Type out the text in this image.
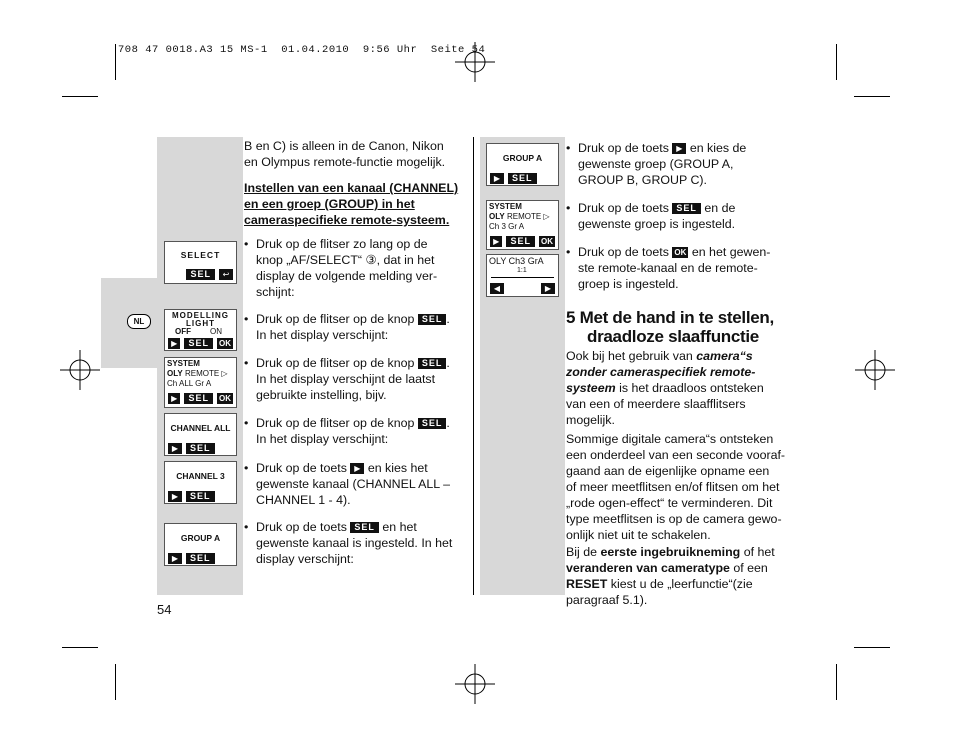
708 47 0018.A3 15 MS-1  01.04.2010  9:56 Uhr  Seite 54
NL
54
SELECT
SEL	↩
MODELLING
LIGHT
OFF ON
▶	SEL	OK
SYSTEM
OLY REMOTE ▷
Ch ALL Gr A
▶	SEL	OK
CHANNEL ALL
▶	SEL
CHANNEL 3
▶	SEL
GROUP A
▶	SEL
GROUP A
▶	SEL
SYSTEM
OLY REMOTE ▷
Ch 3 Gr A
▶	SEL	OK
OLY Ch3 GrA
1:1
◀	▶
B en C) is alleen in de Canon, Nikon
en Olympus remote-functie mogelijk.
Instellen van een kanaal (CHANNEL)
en een groep (GROUP) in het
cameraspecifieke remote-systeem.
• Druk op de flitser zo lang op de
knop „AF/SELECT“ ③, dat in het
display de volgende melding ver-
schijnt:
• Druk op de flitser op de knop SEL .
In het display verschijnt:
• Druk op de flitser op de knop SEL .
In het display verschijnt de laatst
gebruikte instelling, bijv.
• Druk op de flitser op de knop SEL .
In het display verschijnt:
• Druk op de toets ▶ en kies het
gewenste kanaal (CHANNEL ALL –
CHANNEL 1 - 4).
• Druk op de toets SEL en het
gewenste kanaal is ingesteld. In het
display verschijnt:
• Druk op de toets ▶ en kies de
gewenste groep (GROUP A,
GROUP B, GROUP C).
• Druk op de toets SEL en de
gewenste groep is ingesteld.
• Druk op de toets OK en het gewen-
ste remote-kanaal en de remote-
groep is ingesteld.
5 Met de hand in te stellen,
draadloze slaaffunctie
Ook bij het gebruik van camera“s
zonder cameraspecifiek remote-
systeem is het draadloos ontsteken
van een of meerdere slaafflitsers
mogelijk.
Sommige digitale camera“s ontsteken
een onderdeel van een seconde vooraf-
gaand aan de eigenlijke opname een
of meer meetflitsen en/of flitsen om het
„rode ogen-effect“ te verminderen. Dit
type meetflitsen is op de camera gewo-
onlijk niet uit te schakelen.
Bij de eerste ingebruikneming of het
veranderen van cameratype of een
RESET kiest u de „leerfunctie“(zie
paragraaf 5.1).
